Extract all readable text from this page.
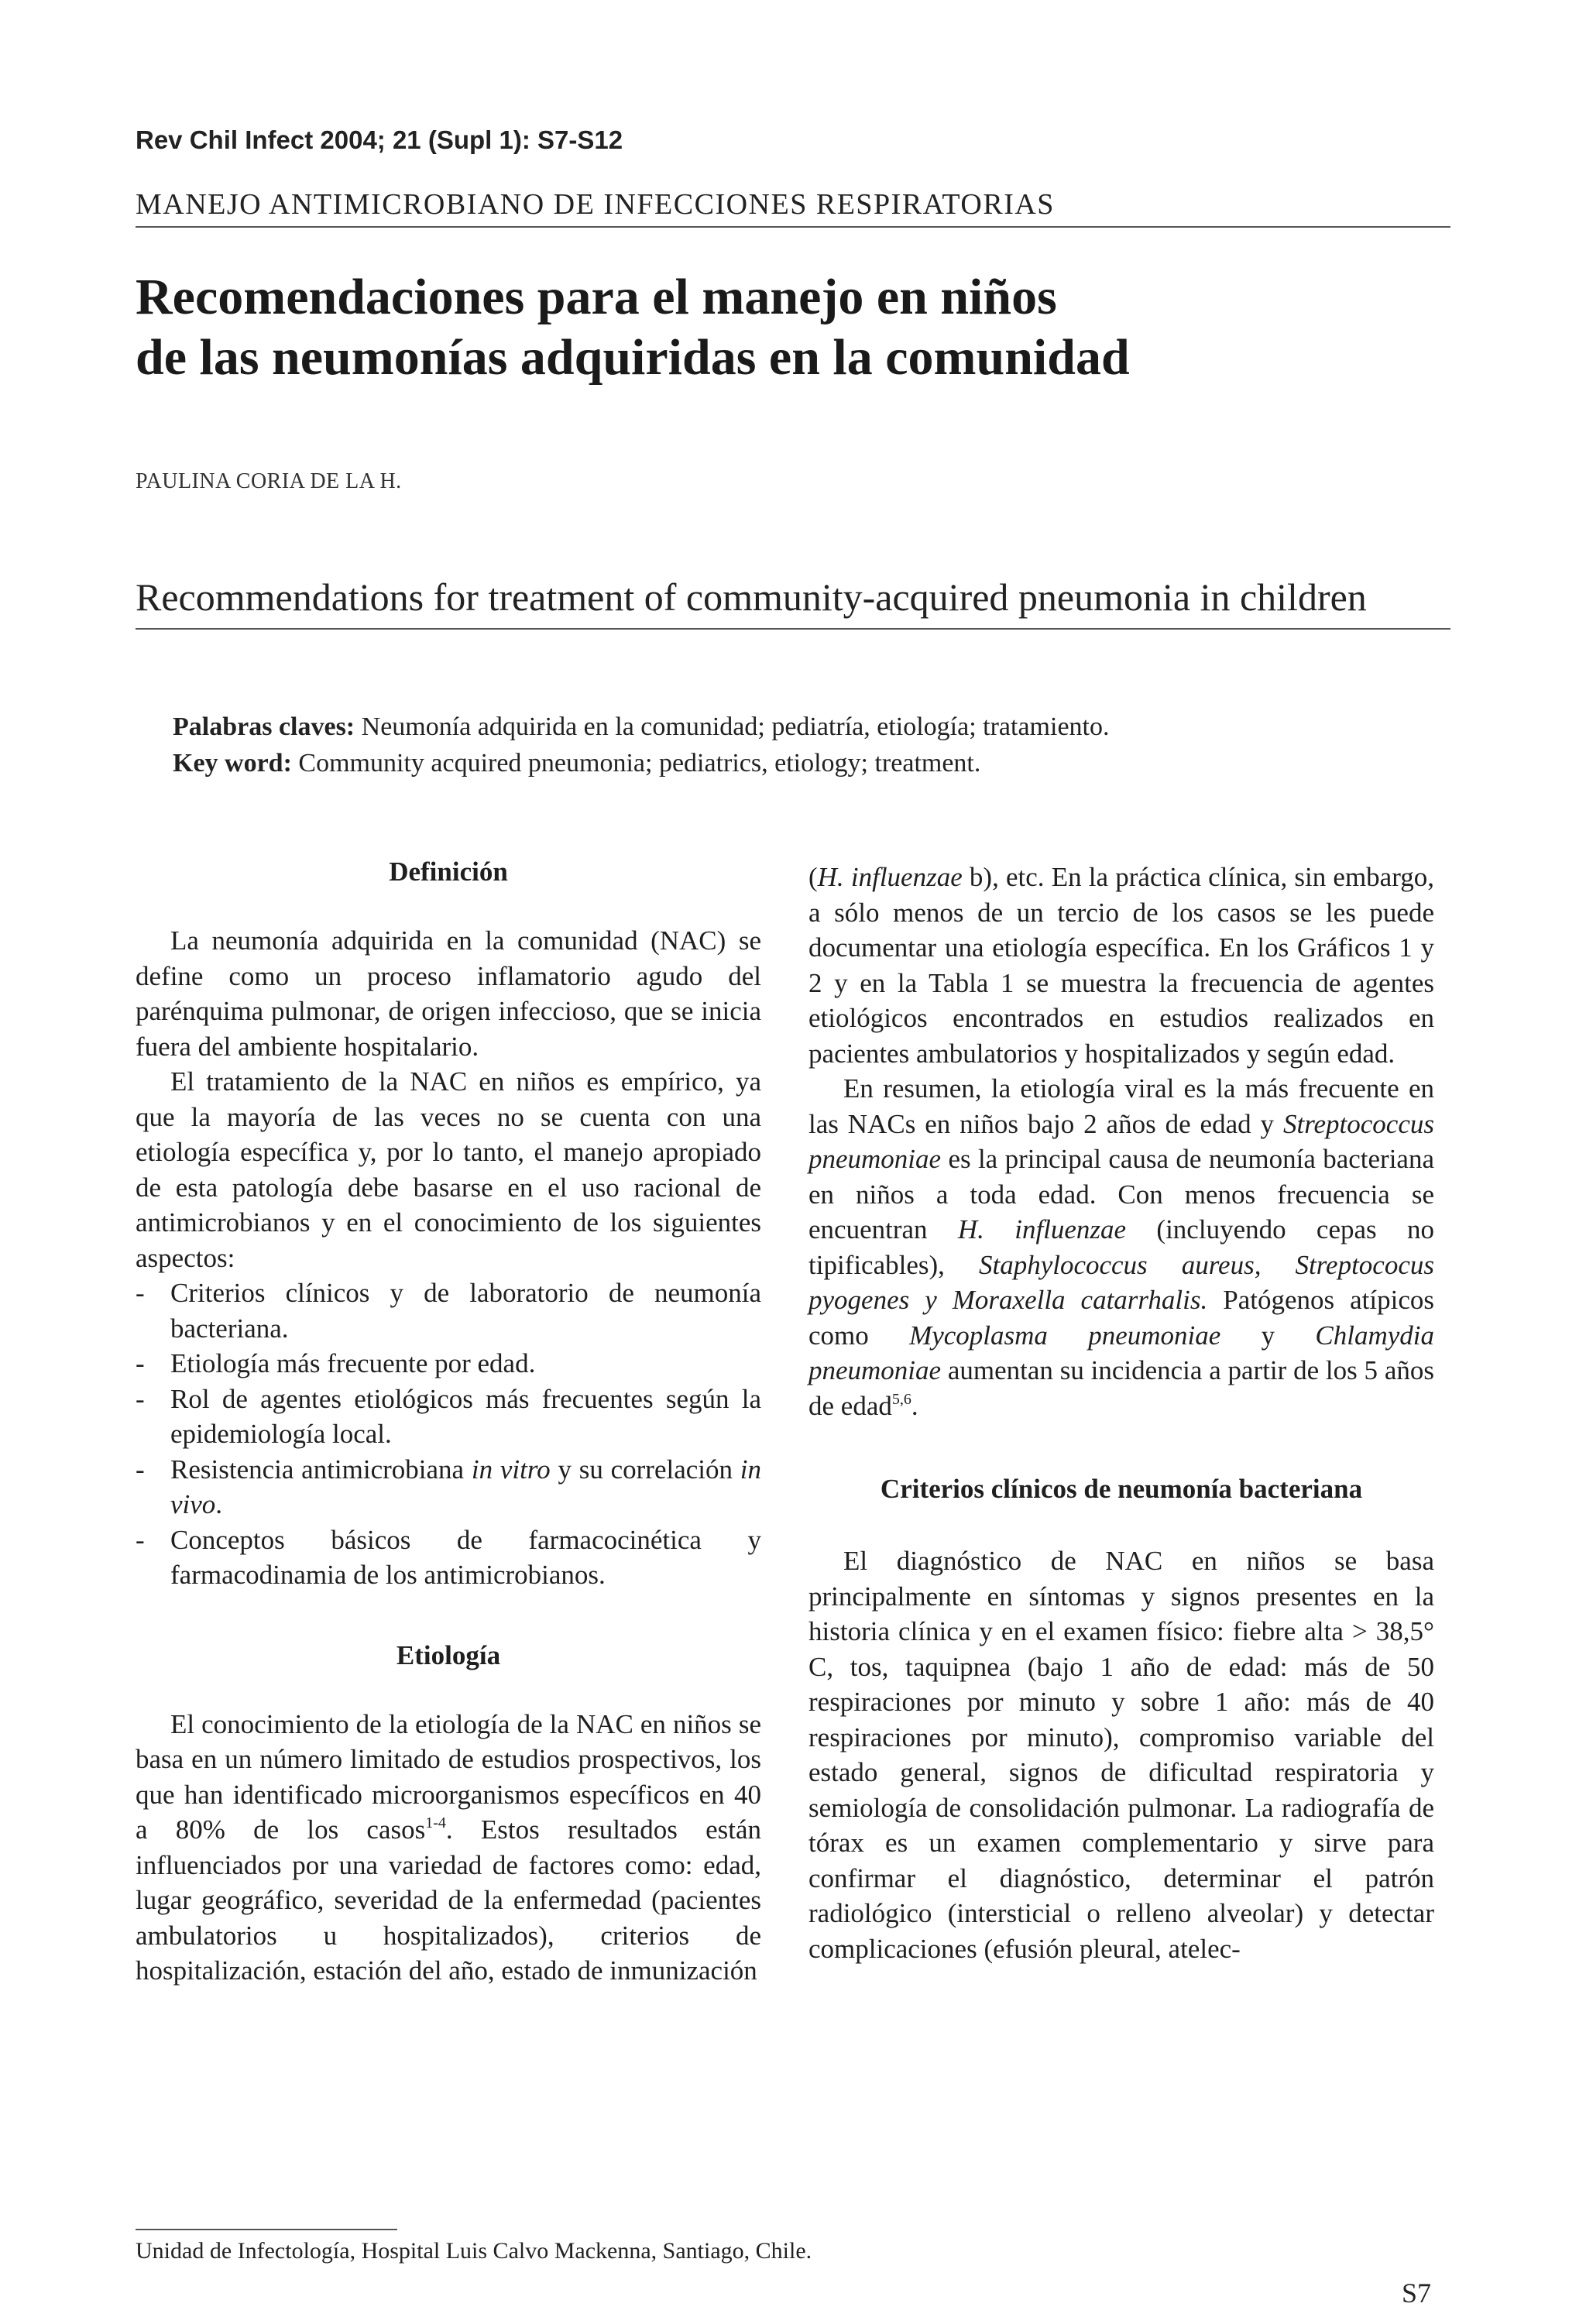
Rev Chil Infect 2004; 21 (Supl 1): S7-S12
MANEJO ANTIMICROBIANO DE INFECCIONES RESPIRATORIAS
Recomendaciones para el manejo en niños
de las neumonías adquiridas en la comunidad
PAULINA CORIA DE LA H.
Recommendations for treatment of community-acquired pneumonia in children
Palabras claves: Neumonía adquirida en la comunidad; pediatría, etiología; tratamiento.
Key word: Community acquired pneumonia; pediatrics, etiology; treatment.
Definición

La neumonía adquirida en la comunidad (NAC) se define como un proceso inflamatorio agudo del parénquima pulmonar, de origen infeccioso, que se inicia fuera del ambiente hospitalario.

El tratamiento de la NAC en niños es empírico, ya que la mayoría de las veces no se cuenta con una etiología específica y, por lo tanto, el manejo apropiado de esta patología debe basarse en el uso racional de antimicrobianos y en el conocimiento de los siguientes aspectos:

- Criterios clínicos y de laboratorio de neumonía bacteriana.
- Etiología más frecuente por edad.
- Rol de agentes etiológicos más frecuentes según la epidemiología local.
- Resistencia antimicrobiana in vitro y su correlación in vivo.
- Conceptos básicos de farmacocinética y farmacodinamia de los antimicrobianos.
Etiología

El conocimiento de la etiología de la NAC en niños se basa en un número limitado de estudios prospectivos, los que han identificado microorganismos específicos en 40 a 80% de los casos$^{1-4}$. Estos resultados están influenciados por una variedad de factores como: edad, lugar geográfico, severidad de la enfermedad (pacientes ambulatorios u hospitalizados), criterios de hospitalización, estación del año, estado de inmunización

(H. influenzae b), etc. En la práctica clínica, sin embargo, a sólo menos de un tercio de los casos se les puede documentar una etiología específica. En los Gráficos 1 y 2 y en la Tabla 1 se muestra la frecuencia de agentes etiológicos encontrados en estudios realizados en pacientes ambulatorios y hospitalizados y según edad.

En resumen, la etiología viral es la más frecuente en las NACs en niños bajo 2 años de edad y Streptococcus pneumoniae es la principal causa de neumonía bacteriana en niños a toda edad. Con menos frecuencia se encuentran H. influenzae (incluyendo cepas no tipificables), Staphylococcus aureus, Streptococus pyogenes y Moraxella catarrhalis. Patógenos atípicos como Mycoplasma pneumoniae y Chlamydia pneumoniae aumentan su incidencia a partir de los 5 años de edad$^{5,6}$.

Criterios clínicos de neumonía bacteriana

El diagnóstico de NAC en niños se basa principalmente en síntomas y signos presentes en la historia clínica y en el examen físico: fiebre alta > 38,5° C, tos, taquipnea (bajo 1 año de edad: más de 50 respiraciones por minuto y sobre 1 año: más de 40 respiraciones por minuto), compromiso variable del estado general, signos de dificultad respiratoria y semiología de consolidación pulmonar. La radiografía de tórax es un examen complementario y sirve para confirmar el diagnóstico, determinar el patrón radiológico (intersticial o relleno alveolar) y detectar complicaciones (efusión pleural, atelec-

Unidad de Infectología, Hospital Luis Calvo Mackenna, Santiago, Chile.
S7
